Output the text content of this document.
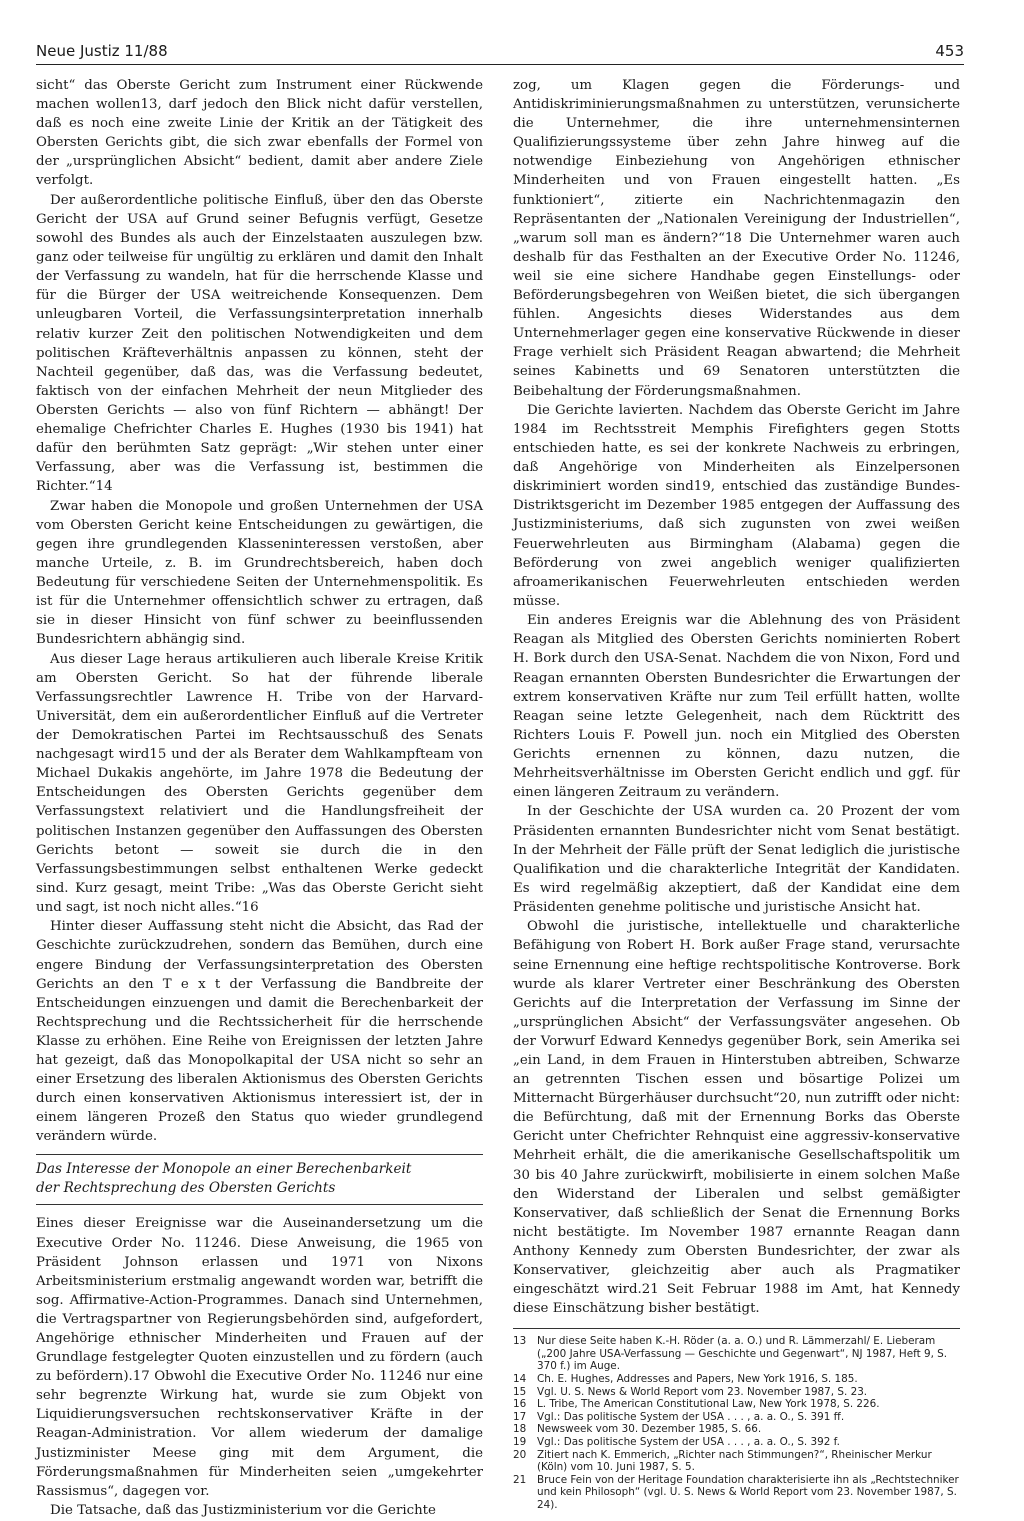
Neue Justiz 11/88	453

sicht“ das Oberste Gericht zum Instrument einer Rückwende machen wollen13, darf jedoch den Blick nicht dafür verstellen, daß es noch eine zweite Linie der Kritik an der Tätigkeit des Obersten Gerichts gibt, die sich zwar ebenfalls der Formel von der „ursprünglichen Absicht“ bedient, damit aber andere Ziele verfolgt.

Der außerordentliche politische Einfluß, über den das Oberste Gericht der USA auf Grund seiner Befugnis verfügt, Gesetze sowohl des Bundes als auch der Einzelstaaten auszulegen bzw. ganz oder teilweise für ungültig zu erklären und damit den Inhalt der Verfassung zu wandeln, hat für die herrschende Klasse und für die Bürger der USA weitreichende Konsequenzen. Dem unleugbaren Vorteil, die Verfassungsinterpretation innerhalb relativ kurzer Zeit den politischen Notwendigkeiten und dem politischen Kräfteverhältnis anpassen zu können, steht der Nachteil gegenüber, daß das, was die Verfassung bedeutet, faktisch von der einfachen Mehrheit der neun Mitglieder des Obersten Gerichts — also von fünf Richtern — abhängt! Der ehemalige Chefrichter Charles E. Hughes (1930 bis 1941) hat dafür den berühmten Satz geprägt: „Wir stehen unter einer Verfassung, aber was die Verfassung ist, bestimmen die Richter.“14

Zwar haben die Monopole und großen Unternehmen der USA vom Obersten Gericht keine Entscheidungen zu gewärtigen, die gegen ihre grundlegenden Klasseninteressen verstoßen, aber manche Urteile, z. B. im Grundrechtsbereich, haben doch Bedeutung für verschiedene Seiten der Unternehmenspolitik. Es ist für die Unternehmer offensichtlich schwer zu ertragen, daß sie in dieser Hinsicht von fünf schwer zu beeinflussenden Bundesrichtern abhängig sind.

Aus dieser Lage heraus artikulieren auch liberale Kreise Kritik am Obersten Gericht. So hat der führende liberale Verfassungsrechtler Lawrence H. Tribe von der Harvard-Universität, dem ein außerordentlicher Einfluß auf die Vertreter der Demokratischen Partei im Rechtsausschuß des Senats nachgesagt wird15 und der als Berater dem Wahlkampfteam von Michael Dukakis angehörte, im Jahre 1978 die Bedeutung der Entscheidungen des Obersten Gerichts gegenüber dem Verfassungstext relativiert und die Handlungsfreiheit der politischen Instanzen gegenüber den Auffassungen des Obersten Gerichts betont — soweit sie durch die in den Verfassungsbestimmungen selbst enthaltenen Werke gedeckt sind. Kurz gesagt, meint Tribe: „Was das Oberste Gericht sieht und sagt, ist noch nicht alles.“16

Hinter dieser Auffassung steht nicht die Absicht, das Rad der Geschichte zurückzudrehen, sondern das Bemühen, durch eine engere Bindung der Verfassungsinterpretation des Obersten Gerichts an den T e x t der Verfassung die Bandbreite der Entscheidungen einzuengen und damit die Berechenbarkeit der Rechtsprechung und die Rechtssicherheit für die herrschende Klasse zu erhöhen. Eine Reihe von Ereignissen der letzten Jahre hat gezeigt, daß das Monopolkapital der USA nicht so sehr an einer Ersetzung des liberalen Aktionismus des Obersten Gerichts durch einen konservativen Aktionismus interessiert ist, der in einem längeren Prozeß den Status quo wieder grundlegend verändern würde.

Das Interesse der Monopole an einer Berechenbarkeit

der Rechtsprechung des Obersten Gerichts

Eines dieser Ereignisse war die Auseinandersetzung um die Executive Order No. 11246. Diese Anweisung, die 1965 von Präsident Johnson erlassen und 1971 von Nixons Arbeitsministerium erstmalig angewandt worden war, betrifft die sog. Affirmative-Action-Programmes. Danach sind Unternehmen, die Vertragspartner von Regierungsbehörden sind, aufgefordert, Angehörige ethnischer Minderheiten und Frauen auf der Grundlage festgelegter Quoten einzustellen und zu fördern (auch zu befördern).17 Obwohl die Executive Order No. 11246 nur eine sehr begrenzte Wirkung hat, wurde sie zum Objekt von Liquidierungsversuchen rechtskonservativer Kräfte in der Reagan-Administration. Vor allem wiederum der damalige Justizminister Meese ging mit dem Argument, die Förderungsmaßnahmen für Minderheiten seien „umgekehrter Rassismus“, dagegen vor.

Die Tatsache, daß das Justizministerium vor die Gerichte

zog, um Klagen gegen die Förderungs- und Antidiskriminierungsmaßnahmen zu unterstützen, verunsicherte die Unternehmer, die ihre unternehmensinternen Qualifizierungssysteme über zehn Jahre hinweg auf die notwendige Einbeziehung von Angehörigen ethnischer Minderheiten und von Frauen eingestellt hatten. „Es funktioniert“, zitierte ein Nachrichtenmagazin den Repräsentanten der „Nationalen Vereinigung der Industriellen“, „warum soll man es ändern?“18 Die Unternehmer waren auch deshalb für das Festhalten an der Executive Order No. 11246, weil sie eine sichere Handhabe gegen Einstellungs- oder Beförderungsbegehren von Weißen bietet, die sich übergangen fühlen. Angesichts dieses Widerstandes aus dem Unternehmerlager gegen eine konservative Rückwende in dieser Frage verhielt sich Präsident Reagan abwartend; die Mehrheit seines Kabinetts und 69 Senatoren unterstützten die Beibehaltung der Förderungsmaßnahmen.

Die Gerichte lavierten. Nachdem das Oberste Gericht im Jahre 1984 im Rechtsstreit Memphis Firefighters gegen Stotts entschieden hatte, es sei der konkrete Nachweis zu erbringen, daß Angehörige von Minderheiten als Einzelpersonen diskriminiert worden sind19, entschied das zuständige Bundes-Distriktsgericht im Dezember 1985 entgegen der Auffassung des Justizministeriums, daß sich zugunsten von zwei weißen Feuerwehrleuten aus Birmingham (Alabama) gegen die Beförderung von zwei angeblich weniger qualifizierten afroamerikanischen Feuerwehrleuten entschieden werden müsse.

Ein anderes Ereignis war die Ablehnung des von Präsident Reagan als Mitglied des Obersten Gerichts nominierten Robert H. Bork durch den USA-Senat. Nachdem die von Nixon, Ford und Reagan ernannten Obersten Bundesrichter die Erwartungen der extrem konservativen Kräfte nur zum Teil erfüllt hatten, wollte Reagan seine letzte Gelegenheit, nach dem Rücktritt des Richters Louis F. Powell jun. noch ein Mitglied des Obersten Gerichts ernennen zu können, dazu nutzen, die Mehrheitsverhältnisse im Obersten Gericht endlich und ggf. für einen längeren Zeitraum zu verändern.

In der Geschichte der USA wurden ca. 20 Prozent der vom Präsidenten ernannten Bundesrichter nicht vom Senat bestätigt. In der Mehrheit der Fälle prüft der Senat lediglich die juristische Qualifikation und die charakterliche Integrität der Kandidaten. Es wird regelmäßig akzeptiert, daß der Kandidat eine dem Präsidenten genehme politische und juristische Ansicht hat.

Obwohl die juristische, intellektuelle und charakterliche Befähigung von Robert H. Bork außer Frage stand, verursachte seine Ernennung eine heftige rechtspolitische Kontroverse. Bork wurde als klarer Vertreter einer Beschränkung des Obersten Gerichts auf die Interpretation der Verfassung im Sinne der „ursprünglichen Absicht“ der Verfassungsväter angesehen. Ob der Vorwurf Edward Kennedys gegenüber Bork, sein Amerika sei „ein Land, in dem Frauen in Hinterstuben abtreiben, Schwarze an getrennten Tischen essen und bösartige Polizei um Mitternacht Bürgerhäuser durchsucht“20, nun zutrifft oder nicht: die Befürchtung, daß mit der Ernennung Borks das Oberste Gericht unter Chefrichter Rehnquist eine aggressiv-konservative Mehrheit erhält, die die amerikanische Gesellschaftspolitik um 30 bis 40 Jahre zurückwirft, mobilisierte in einem solchen Maße den Widerstand der Liberalen und selbst gemäßigter Konservativer, daß schließlich der Senat die Ernennung Borks nicht bestätigte. Im November 1987 ernannte Reagan dann Anthony Kennedy zum Obersten Bundesrichter, der zwar als Konservativer, gleichzeitig aber auch als Pragmatiker eingeschätzt wird.21 Seit Februar 1988 im Amt, hat Kennedy diese Einschätzung bisher bestätigt.

13	Nur diese Seite haben K.-H. Röder (a. a. O.) und R. Lämmerzahl/ E. Lieberam („200 Jahre USA-Verfassung — Geschichte und Gegenwart“, NJ 1987, Heft 9, S. 370 f.) im Auge.
14	Ch. E. Hughes, Addresses and Papers, New York 1916, S. 185.
15	Vgl. U. S. News & World Report vom 23. November 1987, S. 23.
16	L. Tribe, The American Constitutional Law, New York 1978, S. 226.
17	Vgl.: Das politische System der USA . . . , a. a. O., S. 391 ff.
18	Newsweek vom 30. Dezember 1985, S. 66.
19	Vgl.: Das politische System der USA . . . , a. a. O., S. 392 f.
20	Zitiert nach K. Emmerich, „Richter nach Stimmungen?“, Rheinischer Merkur (Köln) vom 10. Juni 1987, S. 5.
21	Bruce Fein von der Heritage Foundation charakterisierte ihn als „Rechtstechniker und kein Philosoph“ (vgl. U. S. News & World Report vom 23. November 1987, S. 24).
